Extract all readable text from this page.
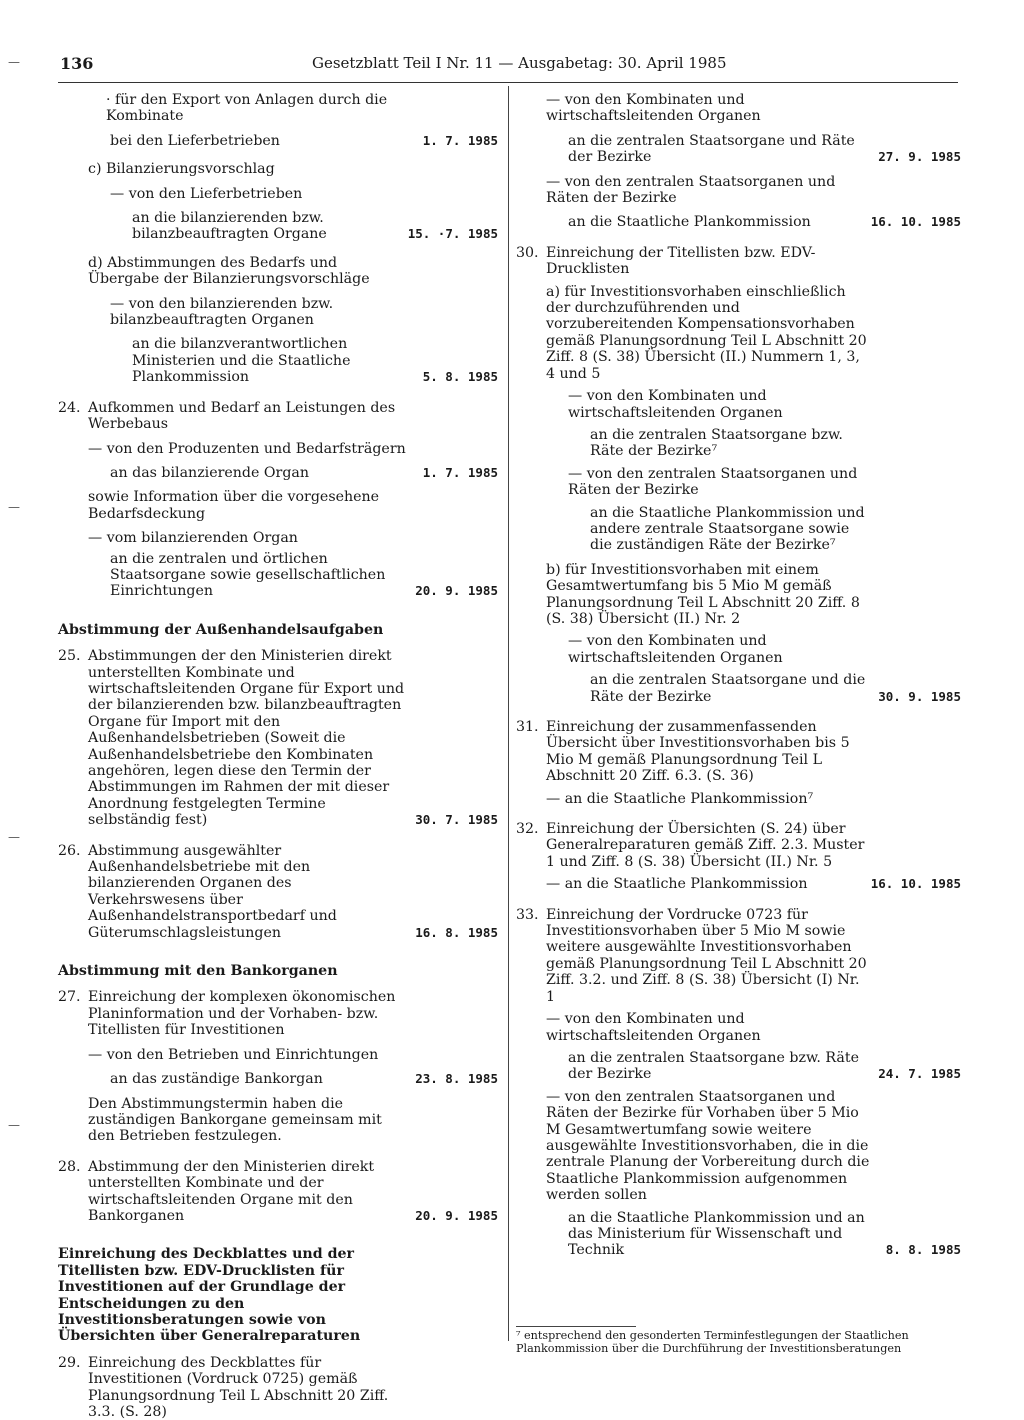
—
—
—
—
136	Gesetzblatt Teil I Nr. 11 — Ausgabetag: 30. April 1985
· für den Export von Anlagen durch die Kombinate
bei den Lieferbetrieben	1. 7. 1985
c) Bilanzierungsvorschlag
— von den Lieferbetrieben
an die bilanzierenden bzw. bilanzbeauftragten Organe	15. ·7. 1985
d) Abstimmungen des Bedarfs und Übergabe der Bilanzierungsvorschläge
— von den bilanzierenden bzw. bilanzbeauftragten Organen
an die bilanzverantwortlichen Ministerien und die Staatliche Plankommission	5. 8. 1985
24. Aufkommen und Bedarf an Leistungen des Werbebaus
— von den Produzenten und Bedarfsträgern
an das bilanzierende Organ	1. 7. 1985
sowie Information über die vorgesehene Bedarfsdeckung
— vom bilanzierenden Organ
an die zentralen und örtlichen Staatsorgane sowie gesellschaftlichen Einrichtungen	20. 9. 1985
Abstimmung der Außenhandelsaufgaben
25. Abstimmungen der den Ministerien direkt unterstellten Kombinate und wirtschaftsleitenden Organe für Export und der bilanzierenden bzw. bilanzbeauftragten Organe für Import mit den Außenhandelsbetrieben (Soweit die Außenhandelsbetriebe den Kombinaten angehören, legen diese den Termin der Abstimmungen im Rahmen der mit dieser Anordnung festgelegten Termine selbständig fest)	30. 7. 1985
26. Abstimmung ausgewählter Außenhandelsbetriebe mit den bilanzierenden Organen des Verkehrswesens über Außenhandelstransportbedarf und Güterumschlagsleistungen	16. 8. 1985
Abstimmung mit den Bankorganen
27. Einreichung der komplexen ökonomischen Planinformation und der Vorhaben- bzw. Titellisten für Investitionen
— von den Betrieben und Einrichtungen
an das zuständige Bankorgan	23. 8. 1985
Den Abstimmungstermin haben die zuständigen Bankorgane gemeinsam mit den Betrieben festzulegen.
28. Abstimmung der den Ministerien direkt unterstellten Kombinate und der wirtschaftsleitenden Organe mit den Bankorganen	20. 9. 1985
Einreichung des Deckblattes und der Titellisten bzw. EDV-Drucklisten für Investitionen auf der Grundlage der Entscheidungen zu den Investitionsberatungen sowie von Übersichten über Generalreparaturen
29. Einreichung des Deckblattes für Investitionen (Vordruck 0725) gemäß Planungsordnung Teil L Abschnitt 20 Ziff. 3.3. (S. 28)
— von den Kombinaten und wirtschaftsleitenden Organen
an die zentralen Staatsorgane und Räte der Bezirke	27. 9. 1985
— von den zentralen Staatsorganen und Räten der Bezirke
an die Staatliche Plankommission	16. 10. 1985
30. Einreichung der Titellisten bzw. EDV-Drucklisten
a) für Investitionsvorhaben einschließlich der durchzuführenden und vorzubereitenden Kompensationsvorhaben gemäß Planungsordnung Teil L Abschnitt 20 Ziff. 8 (S. 38) Übersicht (II.) Nummern 1, 3, 4 und 5
— von den Kombinaten und wirtschaftsleitenden Organen
an die zentralen Staatsorgane bzw. Räte der Bezirke⁷
— von den zentralen Staatsorganen und Räten der Bezirke
an die Staatliche Plankommission und andere zentrale Staatsorgane sowie die zuständigen Räte der Bezirke⁷
b) für Investitionsvorhaben mit einem Gesamtwertumfang bis 5 Mio M gemäß Planungsordnung Teil L Abschnitt 20 Ziff. 8 (S. 38) Übersicht (II.) Nr. 2
— von den Kombinaten und wirtschaftsleitenden Organen
an die zentralen Staatsorgane und die Räte der Bezirke	30. 9. 1985
31. Einreichung der zusammenfassenden Übersicht über Investitionsvorhaben bis 5 Mio M gemäß Planungsordnung Teil L Abschnitt 20 Ziff. 6.3. (S. 36)
— an die Staatliche Plankommission⁷
32. Einreichung der Übersichten (S. 24) über Generalreparaturen gemäß Ziff. 2.3. Muster 1 und Ziff. 8 (S. 38) Übersicht (II.) Nr. 5
— an die Staatliche Plankommission	16. 10. 1985
33. Einreichung der Vordrucke 0723 für Investitionsvorhaben über 5 Mio M sowie weitere ausgewählte Investitionsvorhaben gemäß Planungsordnung Teil L Abschnitt 20 Ziff. 3.2. und Ziff. 8 (S. 38) Übersicht (I) Nr. 1
— von den Kombinaten und wirtschaftsleitenden Organen
an die zentralen Staatsorgane bzw. Räte der Bezirke	24. 7. 1985
— von den zentralen Staatsorganen und Räten der Bezirke für Vorhaben über 5 Mio M Gesamtwertumfang sowie weitere ausgewählte Investitionsvorhaben, die in die zentrale Planung der Vorbereitung durch die Staatliche Plankommission aufgenommen werden sollen
an die Staatliche Plankommission und an das Ministerium für Wissenschaft und Technik	8. 8. 1985
⁷ entsprechend den gesonderten Terminfestlegungen der Staatlichen Plankommission über die Durchführung der Investitionsberatungen
